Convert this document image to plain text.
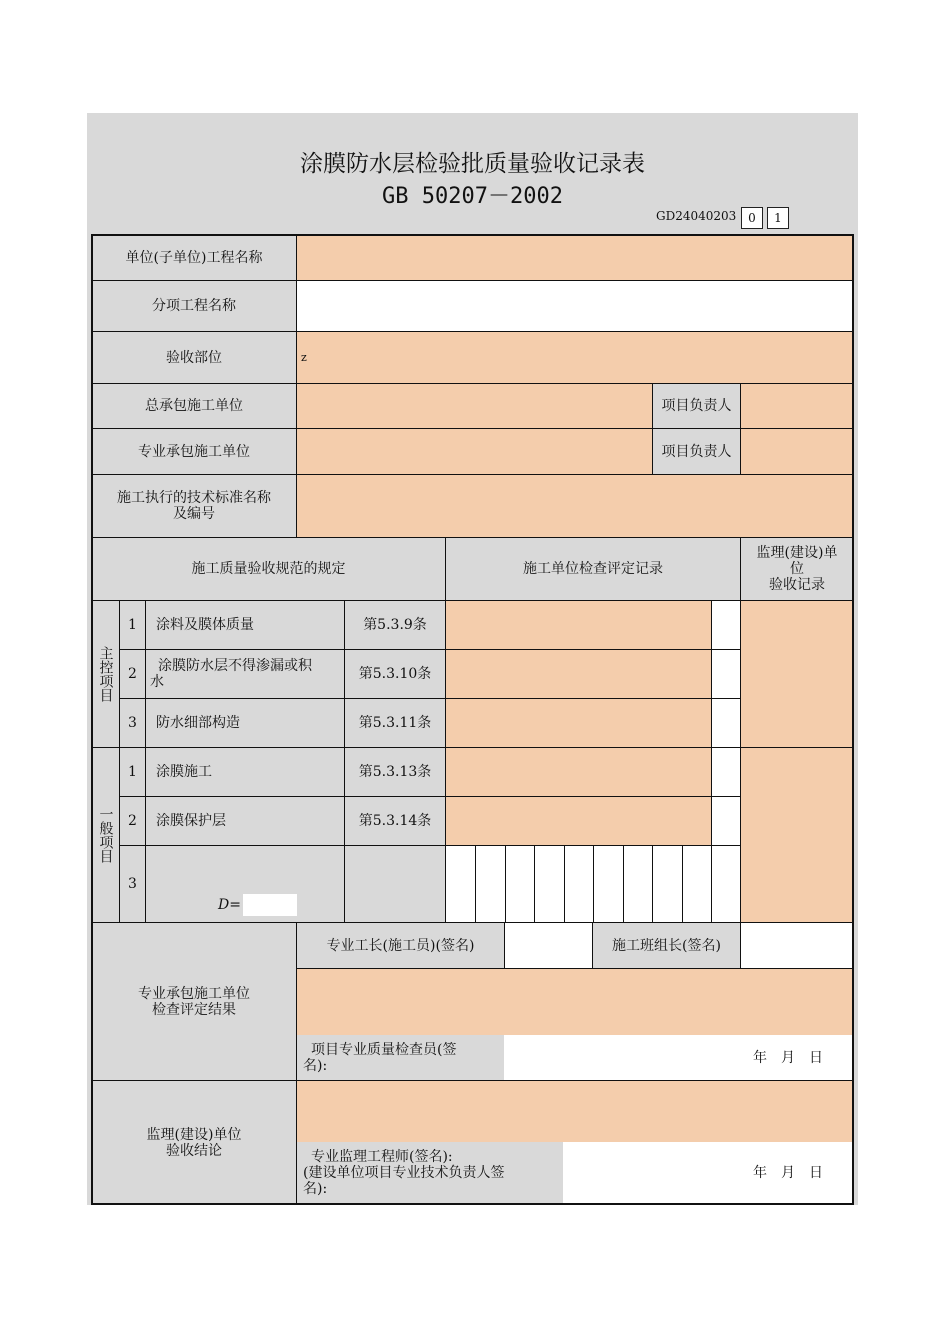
涂膜防水层检验批质量验收记录表
GB 50207－2002
GD24040203 0	1
单位(子单位)工程名称
分项工程名称
验收部位	z
总承包施工单位	项目负责人
专业承包施工单位	项目负责人
施工执行的技术标准名称
及编号
施工质量验收规范的规定	施工单位检查评定记录
监理(建设)单
位
验收记录
主控项目
1	涂料及膜体质量	第5.3.9条
2	涂膜防水层不得渗漏或积
水	第5.3.10条
3	防水细部构造	第5.3.11条
一般项目
1	涂膜施工	第5.3.13条
2	涂膜保护层	第5.3.14条
3
D=
专业承包施工单位
检查评定结果
专业工长(施工员)(签名)	施工班组长(签名)
项目专业质量检查员(签
名):	年　月　日
监理(建设)单位
验收结论	专业监理工程师(签名):
(建设单位项目专业技术负责人签
名):
年　月　日
